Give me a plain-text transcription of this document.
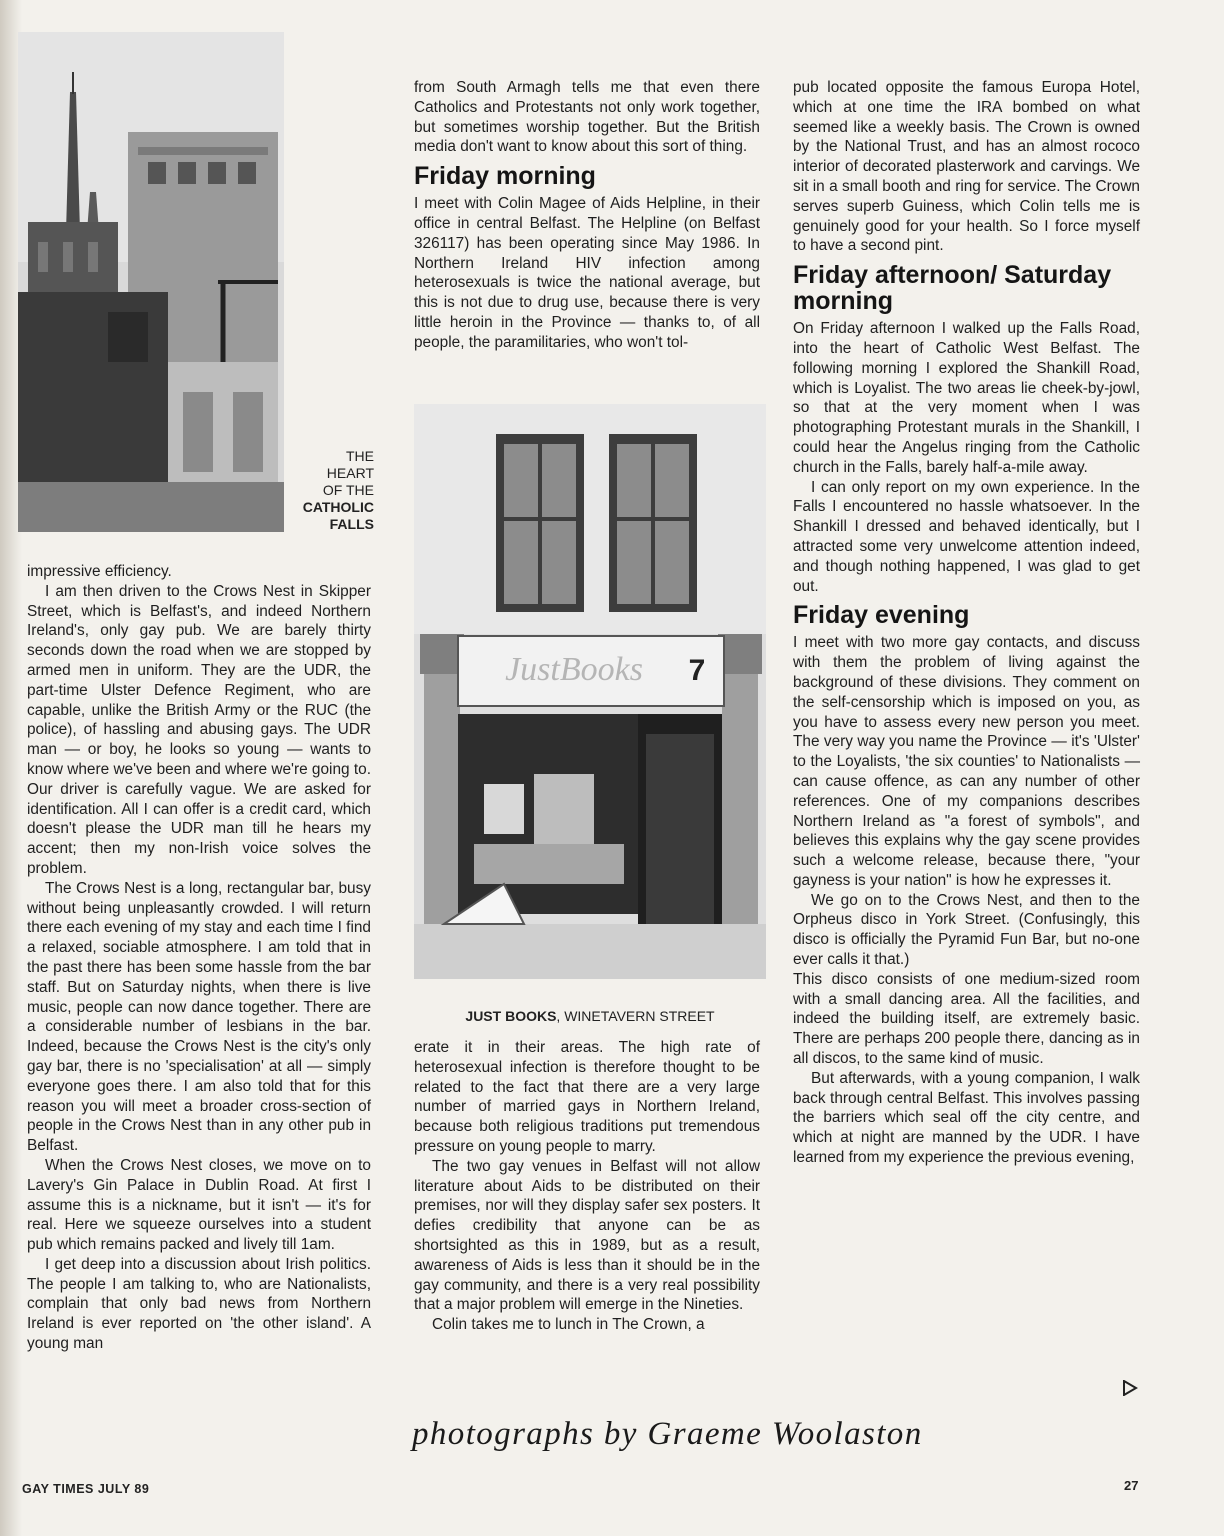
THE
HEART
OF THE
CATHOLIC
FALLS
JustBooks 7
JUST BOOKS, WINETAVERN STREET

impressive efficiency.

I am then driven to the Crows Nest in Skipper Street, which is Belfast's, and indeed Northern Ireland's, only gay pub. We are barely thirty seconds down the road when we are stopped by armed men in uniform. They are the UDR, the part-time Ulster Defence Regiment, who are capable, unlike the British Army or the RUC (the police), of hassling and abusing gays. The UDR man — or boy, he looks so young — wants to know where we've been and where we're going to. Our driver is carefully vague. We are asked for identification. All I can offer is a credit card, which doesn't please the UDR man till he hears my accent; then my non-Irish voice solves the problem.

The Crows Nest is a long, rectangular bar, busy without being unpleasantly crowded. I will return there each evening of my stay and each time I find a relaxed, sociable atmosphere. I am told that in the past there has been some hassle from the bar staff. But on Saturday nights, when there is live music, people can now dance together. There are a considerable number of lesbians in the bar. Indeed, because the Crows Nest is the city's only gay bar, there is no 'specialisation' at all — simply everyone goes there. I am also told that for this reason you will meet a broader cross-section of people in the Crows Nest than in any other pub in Belfast.

When the Crows Nest closes, we move on to Lavery's Gin Palace in Dublin Road. At first I assume this is a nickname, but it isn't — it's for real. Here we squeeze ourselves into a student pub which remains packed and lively till 1am.

I get deep into a discussion about Irish politics. The people I am talking to, who are Nationalists, complain that only bad news from Northern Ireland is ever reported on 'the other island'. A young man

from South Armagh tells me that even there Catholics and Protestants not only work together, but sometimes worship together. But the British media don't want to know about this sort of thing.

Friday morning

I meet with Colin Magee of Aids Helpline, in their office in central Belfast. The Helpline (on Belfast 326117) has been operating since May 1986. In Northern Ireland HIV infection among heterosexuals is twice the national average, but this is not due to drug use, because there is very little heroin in the Province — thanks to, of all people, the paramilitaries, who won't tol-

erate it in their areas. The high rate of heterosexual infection is therefore thought to be related to the fact that there are a very large number of married gays in Northern Ireland, because both religious traditions put tremendous pressure on young people to marry.

The two gay venues in Belfast will not allow literature about Aids to be distributed on their premises, nor will they display safer sex posters. It defies credibility that anyone can be as shortsighted as this in 1989, but as a result, awareness of Aids is less than it should be in the gay community, and there is a very real possibility that a major problem will emerge in the Nineties.

Colin takes me to lunch in The Crown, a

pub located opposite the famous Europa Hotel, which at one time the IRA bombed on what seemed like a weekly basis. The Crown is owned by the National Trust, and has an almost rococo interior of decorated plasterwork and carvings. We sit in a small booth and ring for service. The Crown serves superb Guiness, which Colin tells me is genuinely good for your health. So I force myself to have a second pint.

Friday afternoon/ Saturday morning

On Friday afternoon I walked up the Falls Road, into the heart of Catholic West Belfast. The following morning I explored the Shankill Road, which is Loyalist. The two areas lie cheek-by-jowl, so that at the very moment when I was photographing Protestant murals in the Shankill, I could hear the Angelus ringing from the Catholic church in the Falls, barely half-a-mile away.

I can only report on my own experience. In the Falls I encountered no hassle whatsoever. In the Shankill I dressed and behaved identically, but I attracted some very unwelcome attention indeed, and though nothing happened, I was glad to get out.

Friday evening

I meet with two more gay contacts, and discuss with them the problem of living against the background of these divisions. They comment on the self-censorship which is imposed on you, as you have to assess every new person you meet. The very way you name the Province — it's 'Ulster' to the Loyalists, 'the six counties' to Nationalists — can cause offence, as can any number of other references. One of my companions describes Northern Ireland as "a forest of symbols", and believes this explains why the gay scene provides such a welcome release, because there, "your gayness is your nation" is how he expresses it.

We go on to the Crows Nest, and then to the Orpheus disco in York Street. (Confusingly, this disco is officially the Pyramid Fun Bar, but no-one ever calls it that.)

This disco consists of one medium-sized room with a small dancing area. All the facilities, and indeed the building itself, are extremely basic. There are perhaps 200 people there, dancing as in all discos, to the same kind of music.

But afterwards, with a young companion, I walk back through central Belfast. This involves passing the barriers which seal off the city centre, and which at night are manned by the UDR. I have learned from my experience the previous evening,

photographs by Graeme Woolaston
GAY TIMES JULY 89	27
